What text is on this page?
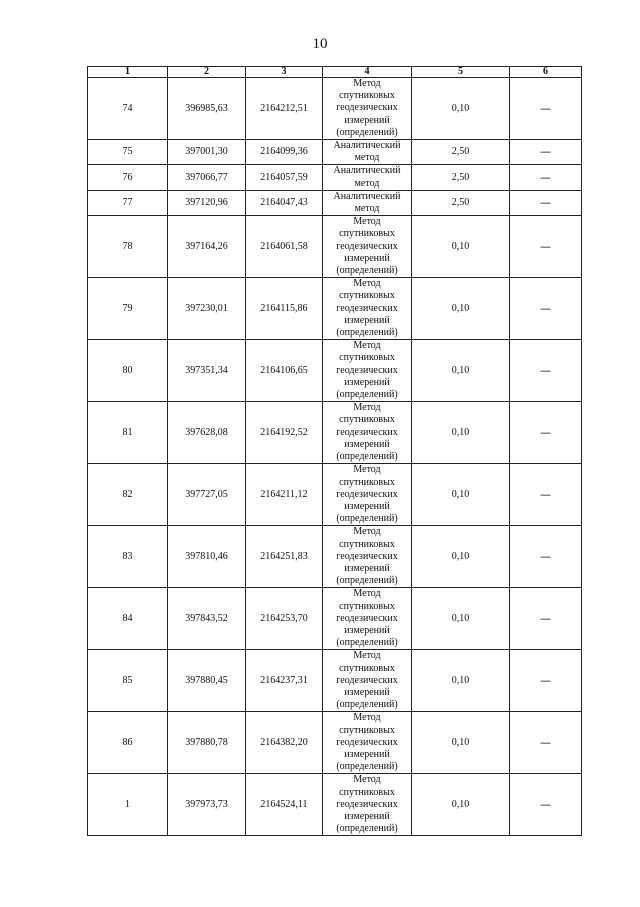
10
1	2	3	4	5	6
74	396985,63	2164212,51	Метод
спутниковых
геодезических
измерений
(определений)	0,10	—
75	397001,30	2164099,36	Аналитический
метод	2,50	—
76	397066,77	2164057,59	Аналитический
метод	2,50	—
77	397120,96	2164047,43	Аналитический
метод	2,50	—
78	397164,26	2164061,58	Метод
спутниковых
геодезических
измерений
(определений)	0,10	—
79	397230,01	2164115,86	Метод
спутниковых
геодезических
измерений
(определений)	0,10	—
80	397351,34	2164106,65	Метод
спутниковых
геодезических
измерений
(определений)	0,10	—
81	397628,08	2164192,52	Метод
спутниковых
геодезических
измерений
(определений)	0,10	—
82	397727,05	2164211,12	Метод
спутниковых
геодезических
измерений
(определений)	0,10	—
83	397810,46	2164251,83	Метод
спутниковых
геодезических
измерений
(определений)	0,10	—
84	397843,52	2164253,70	Метод
спутниковых
геодезических
измерений
(определений)	0,10	—
85	397880,45	2164237,31	Метод
спутниковых
геодезических
измерений
(определений)	0,10	—
86	397880,78	2164382,20	Метод
спутниковых
геодезических
измерений
(определений)	0,10	—
1	397973,73	2164524,11	Метод
спутниковых
геодезических
измерений
(определений)	0,10	—
